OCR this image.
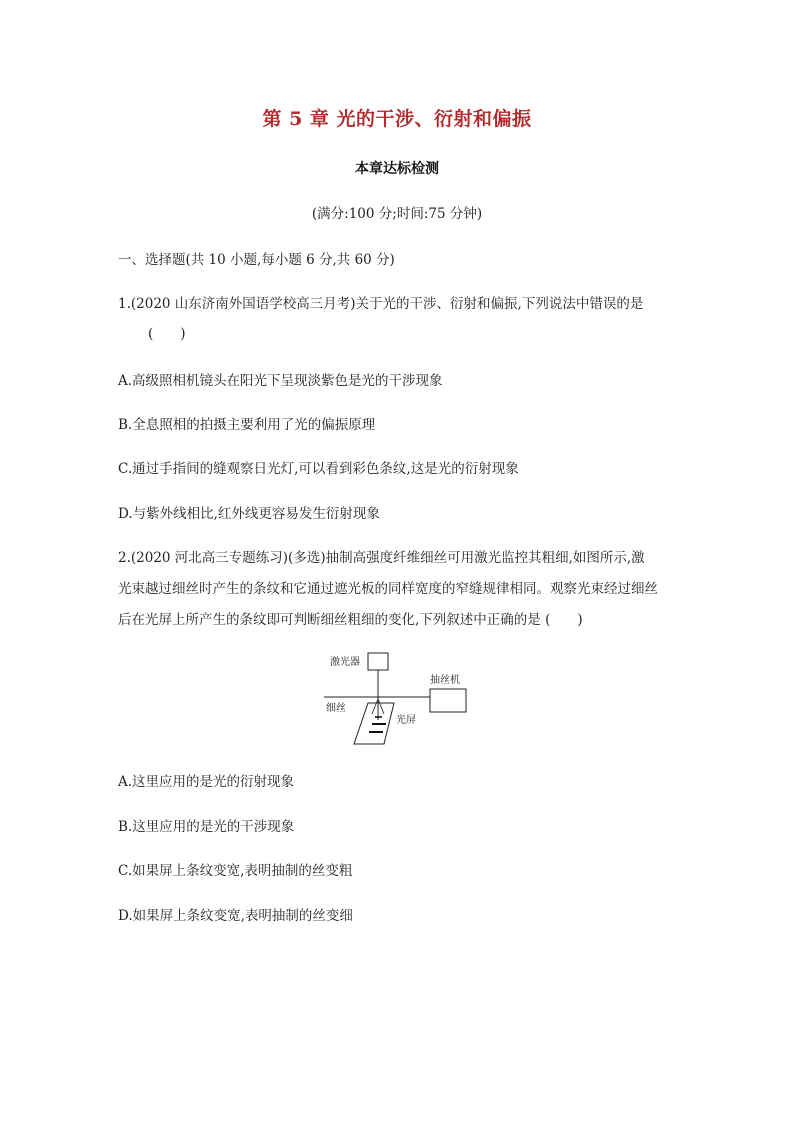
第 5 章 光的干涉、衍射和偏振
本章达标检测
(满分:100 分;时间:75 分钟)
一、选择题(共 10 小题,每小题 6 分,共 60 分)
1.(2020 山东济南外国语学校高三月考)关于光的干涉、衍射和偏振,下列说法中错误的是
(　　)
A.高级照相机镜头在阳光下呈现淡紫色是光的干涉现象
B.全息照相的拍摄主要利用了光的偏振原理
C.通过手指间的缝观察日光灯,可以看到彩色条纹,这是光的衍射现象
D.与紫外线相比,红外线更容易发生衍射现象
2.(2020 河北高三专题练习)(多选)抽制高强度纤维细丝可用激光监控其粗细,如图所示,激
光束越过细丝时产生的条纹和它通过遮光板的同样宽度的窄缝规律相同。观察光束经过细丝
后在光屏上所产生的条纹即可判断细丝粗细的变化,下列叙述中正确的是 (　　)
激光器
细丝
抽丝机
光屏
A.这里应用的是光的衍射现象
B.这里应用的是光的干涉现象
C.如果屏上条纹变宽,表明抽制的丝变粗
D.如果屏上条纹变宽,表明抽制的丝变细
